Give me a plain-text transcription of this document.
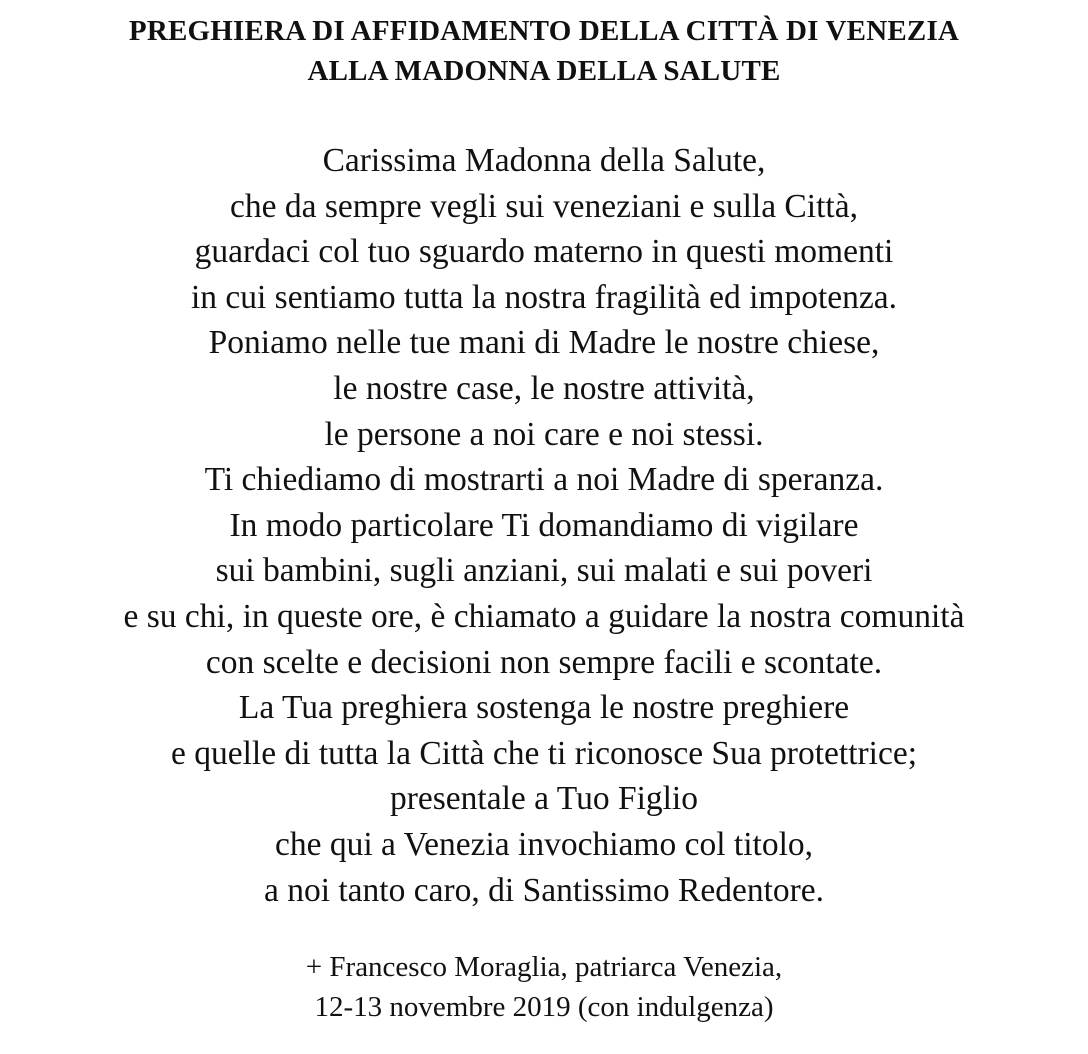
PREGHIERA DI AFFIDAMENTO DELLA CITTÀ DI VENEZIA
ALLA MADONNA DELLA SALUTE
Carissima Madonna della Salute,
che da sempre vegli sui veneziani e sulla Città,
guardaci col tuo sguardo materno in questi momenti
in cui sentiamo tutta la nostra fragilità ed impotenza.
Poniamo nelle tue mani di Madre le nostre chiese,
le nostre case, le nostre attività,
le persone a noi care e noi stessi.
Ti chiediamo di mostrarti a noi Madre di speranza.
In modo particolare Ti domandiamo di vigilare
sui bambini, sugli anziani, sui malati e sui poveri
e su chi, in queste ore, è chiamato a guidare la nostra comunità
con scelte e decisioni non sempre facili e scontate.
La Tua preghiera sostenga le nostre preghiere
e quelle di tutta la Città che ti riconosce Sua protettrice;
presentale a Tuo Figlio
che qui a Venezia invochiamo col titolo,
a noi tanto caro, di Santissimo Redentore.
+ Francesco Moraglia, patriarca Venezia,
12-13 novembre 2019 (con indulgenza)
